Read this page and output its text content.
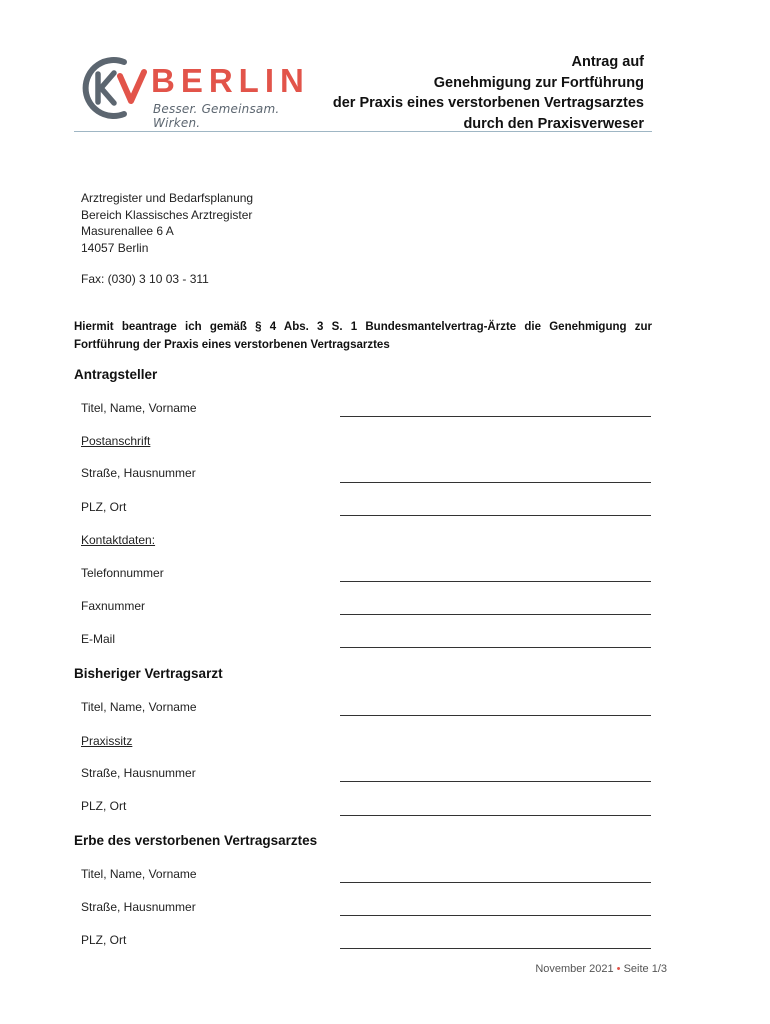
BERLIN
Besser. Gemeinsam. Wirken.
Antrag auf
Genehmigung zur Fortführung
der Praxis eines verstorbenen Vertragsarztes
durch den Praxisverweser
Arztregister und Bedarfsplanung
Bereich Klassisches Arztregister
Masurenallee 6 A
14057 Berlin
Fax: (030) 3 10 03 - 311
Hiermit beantrage ich gemäß § 4 Abs. 3 S. 1 Bundesmantelvertrag-Ärzte die Genehmigung zur Fortführung der Praxis eines verstorbenen Vertragsarztes
Antragsteller
Titel, Name, Vorname
Postanschrift
Straße, Hausnummer
PLZ, Ort
Kontaktdaten:
Telefonnummer
Faxnummer
E-Mail
Bisheriger Vertragsarzt
Titel, Name, Vorname
Praxissitz
Straße, Hausnummer
PLZ, Ort
Erbe des verstorbenen Vertragsarztes
Titel, Name, Vorname
Straße, Hausnummer
PLZ, Ort
November 2021 • Seite 1/3
